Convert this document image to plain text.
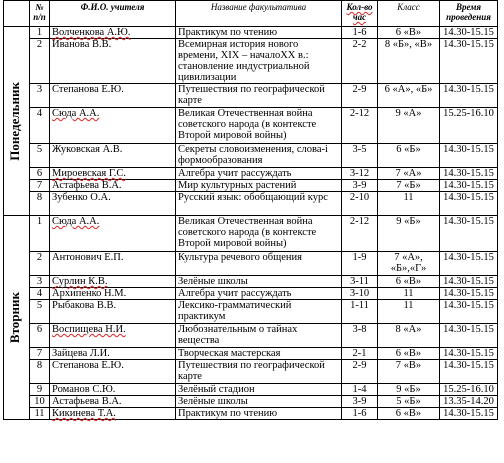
	№ п/п	Ф.И.О. учителя	Название факультатива	Кол-во час	Класс	Время проведения

Понедельник	1	Волченкова А.Ю.	Практикум по чтению	1-6	6 «В»	14.30-15.15
	2	Иванова В.В.	Всемирная история нового времени, XIX – началоXX в.: становление индустриальной цивилизации	2-2	8 «Б», «В»	14.30-15.15
	3	Степанова Е.Ю.	Путешествия по географической карте	2-9	6 «А», «Б»	14.30-15.15
	4	Сюда А.А.	Великая Отечественная война советского народа (в контексте Второй мировой войны)	2-12	9 «А»	15.25-16.10
	5	Жуковская А.В.	Секреты словоизменения, слова-і формообразования	3-5	6 «Б»	14.30-15.15
	6	Мироевская Г.С.	Алгебра учит рассуждать	3-12	7 «А»	14.30-15.15
	7	Астафьева В.А.	Мир культурных растений	3-9	7 «Б»	14.30-15.15
	8	Зубенко О.А.	Русский язык: обобщающий курс	2-10	11	14.30-15.15

Вторник	1	Сюда А.А.	Великая Отечественная война советского народа (в контексте Второй мировой войны)	2-12	9 «Б»	14.30-15.15
	2	Антонович Е.П.	Культура речевого общения	1-9	7 «А», «Б»,«Г»	14.30-15.15
	3	Сурлин К.В.	Зелёные школы	3-11	6 «В»	14.30-15.15
	4	Архипенко Н.М.	Алгебра учит рассуждать	3-10	11	14.30-15.15
	5	Рыбакова В.В.	Лексико-грамматический практикум	1-11	11	14.30-15.15
	6	Воспищева Н.И.	Любознательным о тайнах вещества	3-8	8 «А»	14.30-15.15
	7	Зайцева Л.И.	Творческая мастерская	2-1	6 «В»	14.30-15.15
	8	Степанова Е.Ю.	Путешествия по географической карте	2-9	7 «В»	14.30-15.15
	9	Романов С.Ю.	Зелёный стадион	1-4	9 «Б»	15.25-16.10
	10	Астафьева В.А.	Зелёные школы	3-9	5 «Б»	13.35-14.20
	11	Кикинева Т.А.	Практикум по чтению	1-6	6 «В»	14.30-15.15
